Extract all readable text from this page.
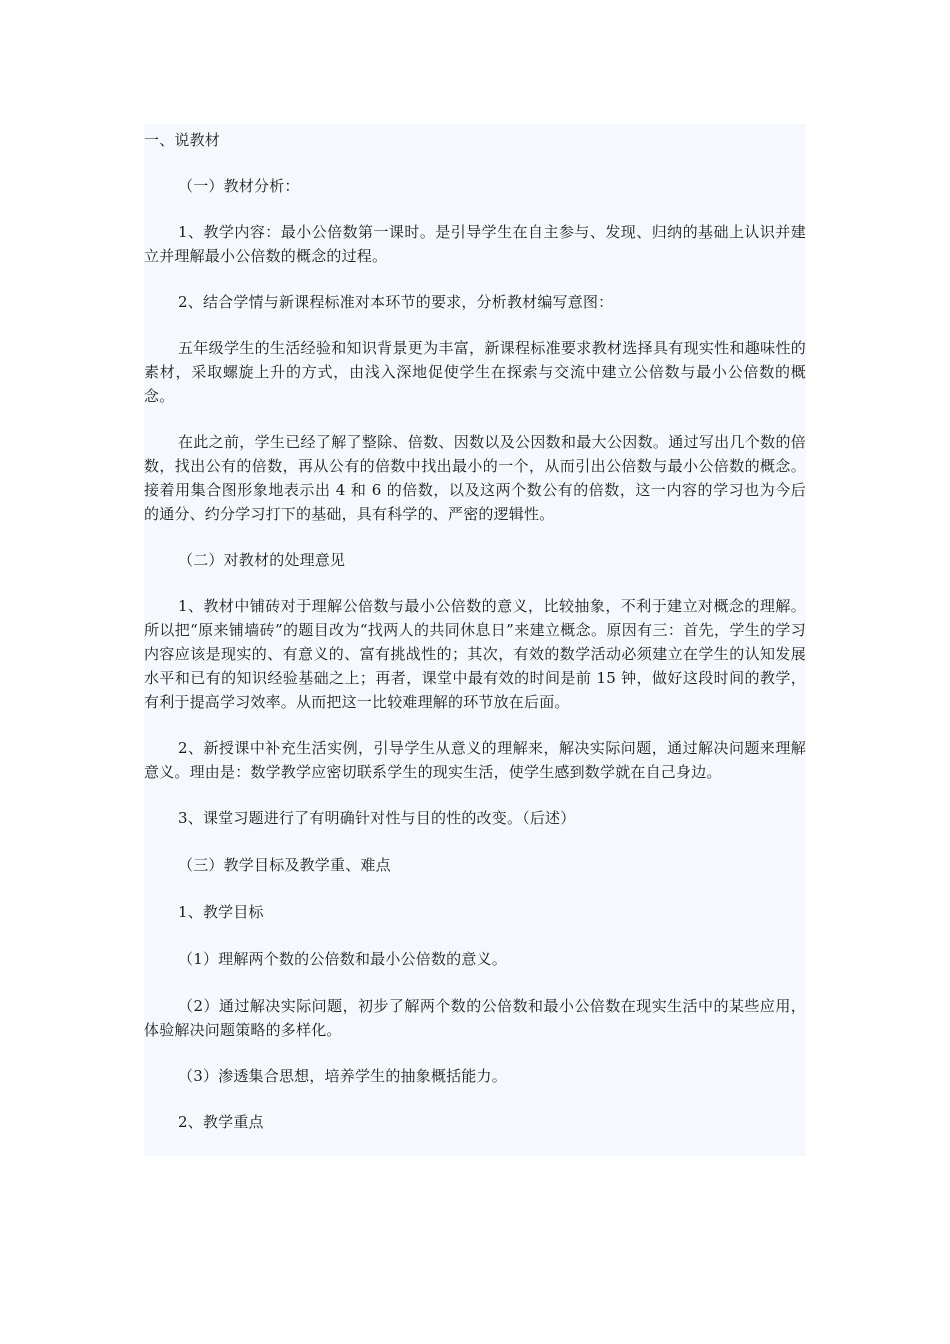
一、说教材

（一）教材分析：

1、教学内容：最小公倍数第一课时。是引导学生在自主参与、发现、归纳的基础上认识并建立并理解最小公倍数的概念的过程。

2、结合学情与新课程标准对本环节的要求，分析教材编写意图：

五年级学生的生活经验和知识背景更为丰富，新课程标准要求教材选择具有现实性和趣味性的素材，采取螺旋上升的方式，由浅入深地促使学生在探索与交流中建立公倍数与最小公倍数的概念。

在此之前，学生已经了解了整除、倍数、因数以及公因数和最大公因数。通过写出几个数的倍数，找出公有的倍数，再从公有的倍数中找出最小的一个，从而引出公倍数与最小公倍数的概念。接着用集合图形象地表示出 4 和 6 的倍数，以及这两个数公有的倍数，这一内容的学习也为今后的通分、约分学习打下的基础，具有科学的、严密的逻辑性。

（二）对教材的处理意见

1、教材中铺砖对于理解公倍数与最小公倍数的意义，比较抽象，不利于建立对概念的理解。所以把“原来铺墙砖”的题目改为“找两人的共同休息日”来建立概念。原因有三：首先，学生的学习内容应该是现实的、有意义的、富有挑战性的；其次，有效的数学活动必须建立在学生的认知发展水平和已有的知识经验基础之上；再者，课堂中最有效的时间是前 15 钟，做好这段时间的教学，有利于提高学习效率。从而把这一比较难理解的环节放在后面。

2、新授课中补充生活实例，引导学生从意义的理解来，解决实际问题，通过解决问题来理解意义。理由是：数学教学应密切联系学生的现实生活，使学生感到数学就在自己身边。

3、课堂习题进行了有明确针对性与目的性的改变。（后述）

（三）教学目标及教学重、难点

1、教学目标

（1）理解两个数的公倍数和最小公倍数的意义。

（2）通过解决实际问题，初步了解两个数的公倍数和最小公倍数在现实生活中的某些应用，体验解决问题策略的多样化。

（3）渗透集合思想，培养学生的抽象概括能力。

2、教学重点
